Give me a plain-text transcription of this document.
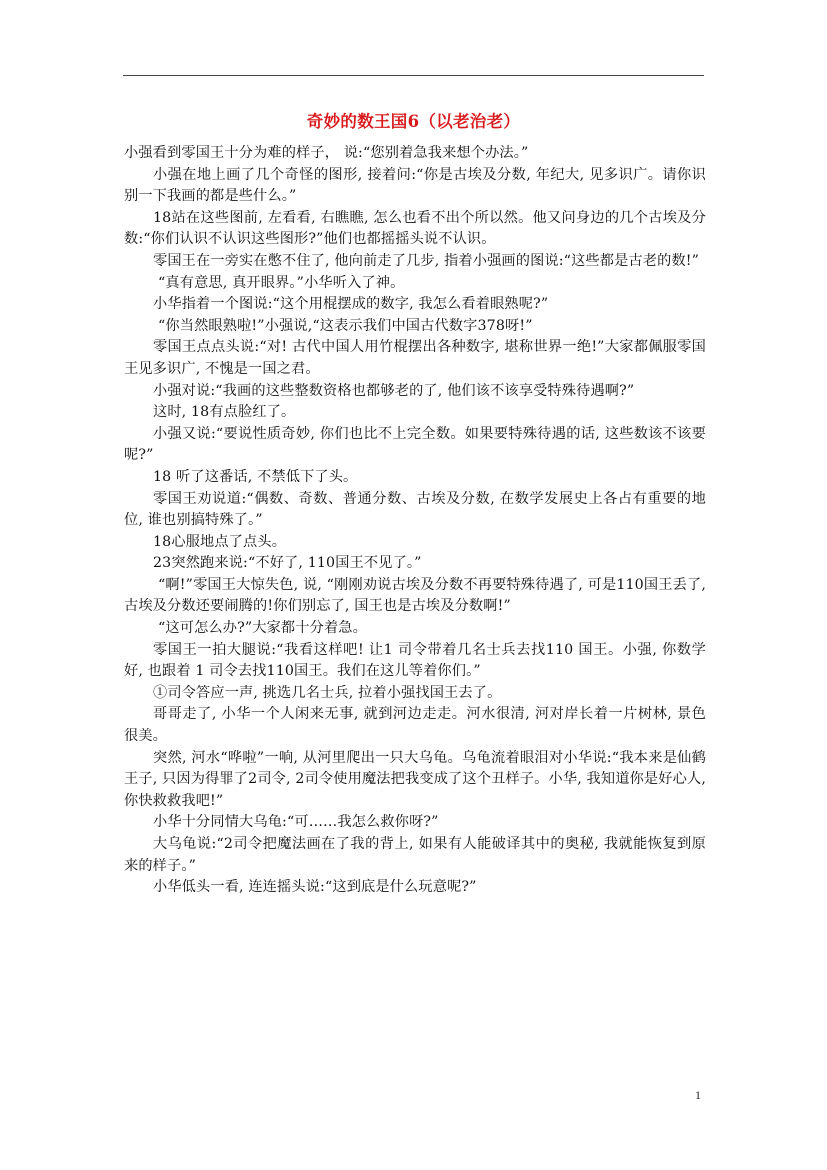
奇妙的数王国6（以老治老）

小强看到零国王十分为难的样子， 说:“您别着急我来想个办法。”

小强在地上画了几个奇怪的图形, 接着问:“你是古埃及分数, 年纪大, 见多识广。请你识别一下我画的都是些什么。”

18站在这些图前, 左看看, 右瞧瞧, 怎么也看不出个所以然。他又问身边的几个古埃及分数:“你们认识不认识这些图形?”他们也都摇摇头说不认识。

零国王在一旁实在憋不住了, 他向前走了几步, 指着小强画的图说:“这些都是古老的数!”

“真有意思, 真开眼界。”小华听入了神。

小华指着一个图说:“这个用棍摆成的数字, 我怎么看着眼熟呢?”

“你当然眼熟啦!”小强说,“这表示我们中国古代数字378呀!”

零国王点点头说:“对! 古代中国人用竹棍摆出各种数字, 堪称世界一绝!”大家都佩服零国王见多识广, 不愧是一国之君。

小强对说:“我画的这些整数资格也都够老的了, 他们该不该享受特殊待遇啊?”

这时, 18有点脸红了。

小强又说:“要说性质奇妙, 你们也比不上完全数。如果要特殊待遇的话, 这些数该不该要呢?”

18 听了这番话, 不禁低下了头。

零国王劝说道:“偶数、奇数、普通分数、古埃及分数, 在数学发展史上各占有重要的地位, 谁也别搞特殊了。”

18心服地点了点头。

23突然跑来说:“不好了, 110国王不见了。”

“啊!”零国王大惊失色, 说, “刚刚劝说古埃及分数不再要特殊待遇了, 可是110国王丢了, 古埃及分数还要闹腾的!你们别忘了, 国王也是古埃及分数啊!”

“这可怎么办?”大家都十分着急。

零国王一拍大腿说:“我看这样吧! 让1 司令带着几名士兵去找110 国王。小强, 你数学好, 也跟着 1 司令去找110国王。我们在这儿等着你们。”

①司令答应一声, 挑选几名士兵, 拉着小强找国王去了。

哥哥走了, 小华一个人闲来无事, 就到河边走走。河水很清, 河对岸长着一片树林, 景色很美。

突然, 河水“哗啦”一响, 从河里爬出一只大乌龟。乌龟流着眼泪对小华说:“我本来是仙鹤王子, 只因为得罪了2司令, 2司令使用魔法把我变成了这个丑样子。小华, 我知道你是好心人, 你快救救我吧!”

小华十分同情大乌龟:“可……我怎么救你呀?”

大乌龟说:“2司令把魔法画在了我的背上, 如果有人能破译其中的奥秘, 我就能恢复到原来的样子。”

小华低头一看, 连连摇头说:“这到底是什么玩意呢?”

1
